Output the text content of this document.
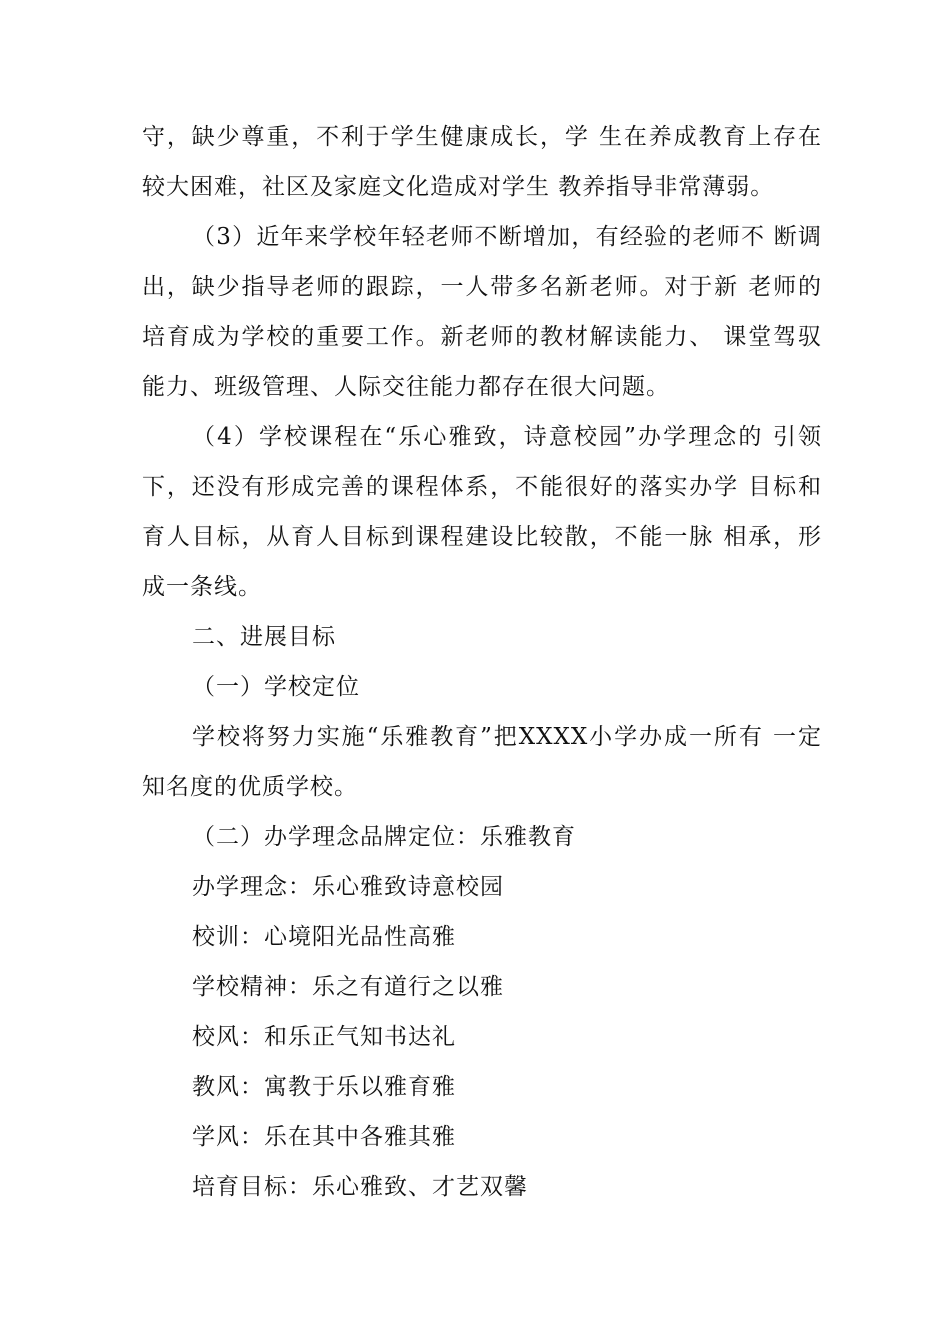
守，缺少尊重，不利于学生健康成长，学 生在养成教育上存在较大困难，社区及家庭文化造成对学生 教养指导非常薄弱。

（3）近年来学校年轻老师不断增加，有经验的老师不 断调出，缺少指导老师的跟踪，一人带多名新老师。对于新 老师的培育成为学校的重要工作。新老师的教材解读能力、 课堂驾驭能力、班级管理、人际交往能力都存在很大问题。

（4）学校课程在“乐心雅致，诗意校园”办学理念的 引领下，还没有形成完善的课程体系，不能很好的落实办学 目标和育人目标，从育人目标到课程建设比较散，不能一脉 相承，形成一条线。

二、进展目标

（一）学校定位

学校将努力实施“乐雅教育”把XXXX小学办成一所有 一定知名度的优质学校。

（二）办学理念品牌定位：乐雅教育

办学理念：乐心雅致诗意校园

校训：心境阳光品性高雅

学校精神：乐之有道行之以雅

校风：和乐正气知书达礼

教风：寓教于乐以雅育雅

学风：乐在其中各雅其雅

培育目标：乐心雅致、才艺双馨
